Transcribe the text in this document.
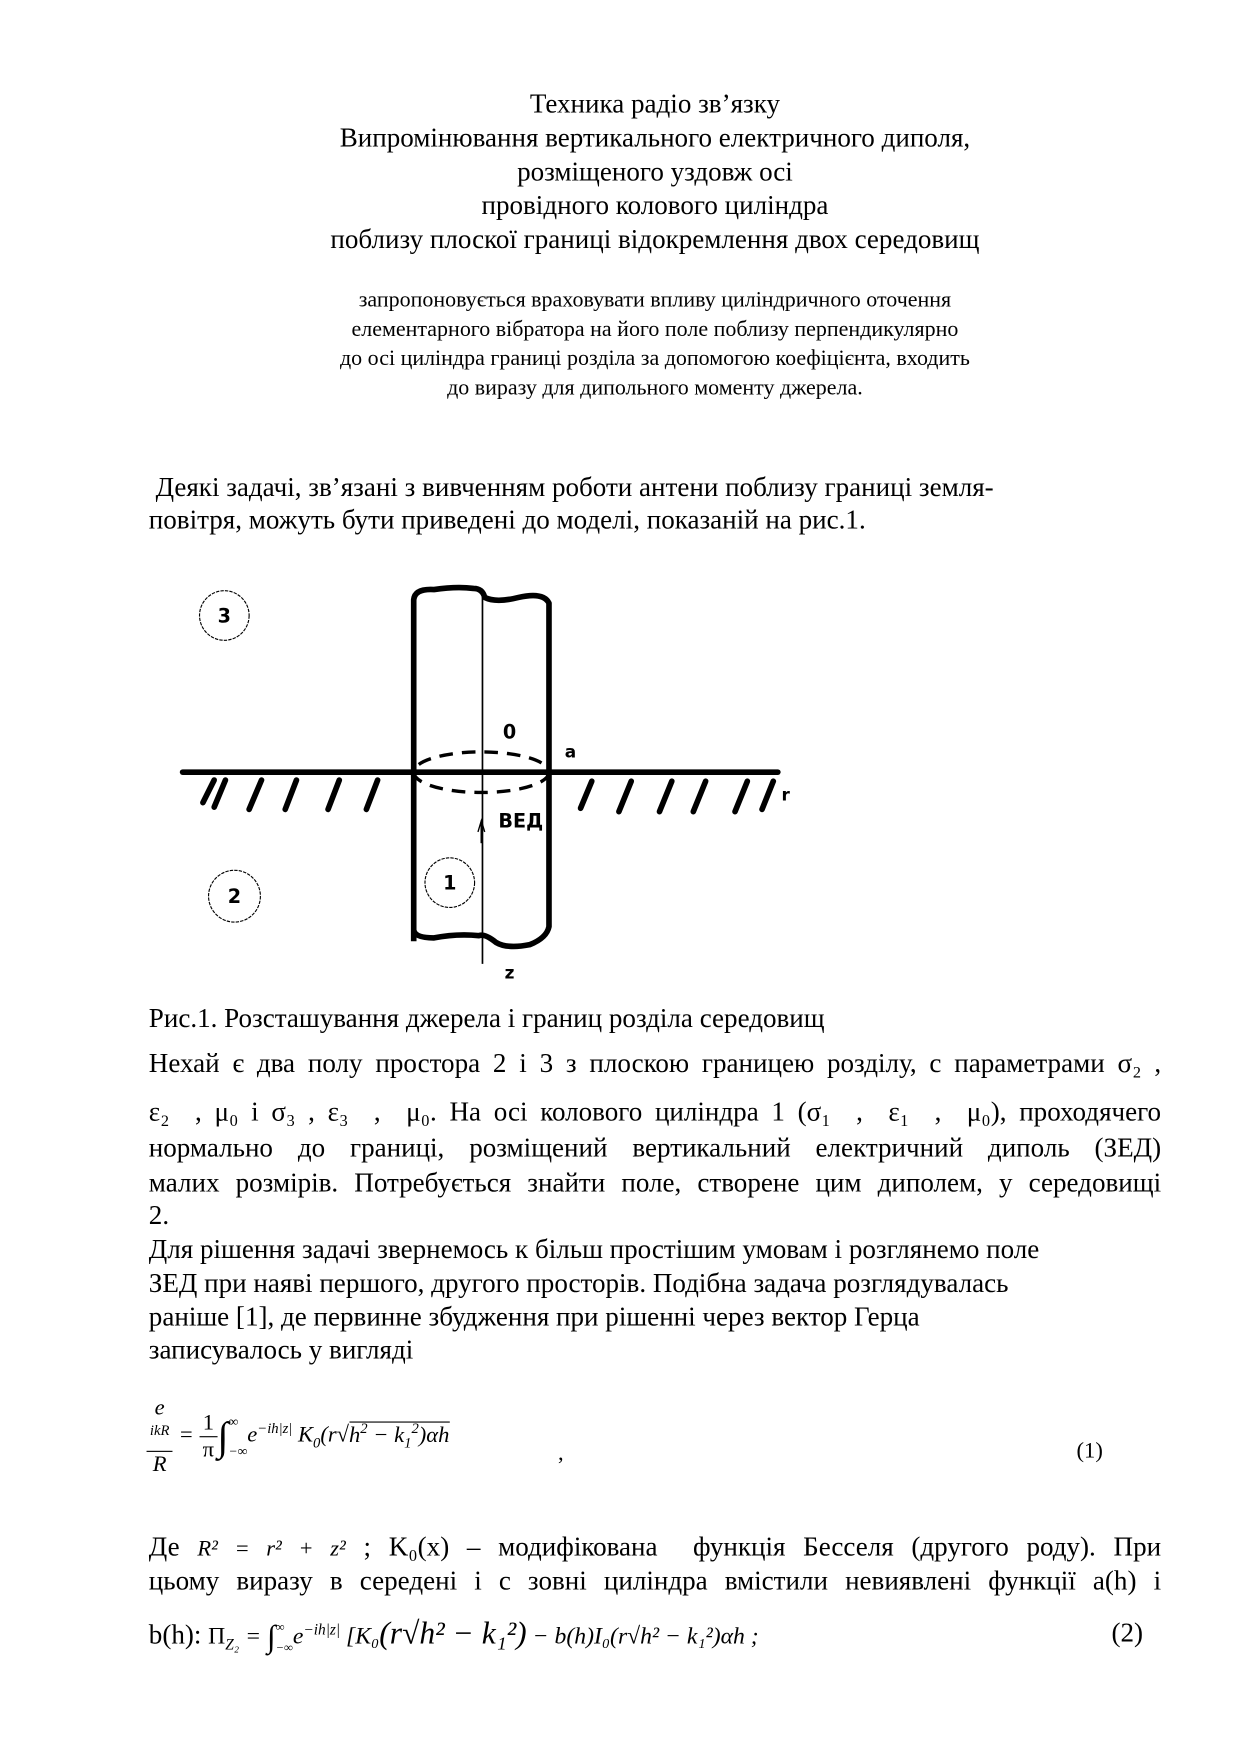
Техника радіо зв’язку
Випромінювання вертикального електричного диполя,
розміщеного уздовж осі
провідного колового циліндра
поблизу плоскої границі відокремлення двох середовищ
запропоновується враховувати впливу циліндричного оточення
елементарного вібратора на його поле поблизу перпендикулярно
до осі циліндра границі розділа за допомогою коефіцієнта, входить
до виразу для дипольного моменту джерела.
Деякі задачі, зв’язані з вивченням роботи антени поблизу границі земля-
повітря, можуть бути приведені до моделі, показаній на рис.1.
3
2
1
0
a
r
ВЕД
z
Рис.1. Розсташування джерела і границ розділа середовищ
Нехай є два полу простора 2 і 3 з плоскою границею розділу, с параметрами σ₂ ,
ε₂  , μ₀ і σ₃ , ε₃  ,  μ₀. На осі колового циліндра 1 (σ₁  ,  ε₁  ,  μ₀), проходячего
нормально до границі, розміщений вертикальний електричний диполь (ЗЕД)
малих розмірів. Потребується знайти поле, створене цим диполем, у середовищі
2.
Для рішення задачі звернемось к більш простішим умовам і розглянемо поле
ЗЕД при наяві першого, другого просторів. Подібна задача розглядувалась
раніше [1], де первинне збудження при рішенні через вектор Герца
записувалось у вигляді
e
$^{ikR}$
$R = \frac{1}{\pi}$ ∫ ∞
−∞
$e^{-ih|z|}$ $K_0(r√h^2 - k_1^2)\alpha h$
,	(1)
Де R² = r² + z² ; K₀(x) – модифікована  функція Бесселя (другого роду). При
цьому виразу в середені і с зовні циліндра вмістили невиявлені функції a(h) і
b(h): $\Pi_{Z_2}$ = ∫ ∞
−∞ $e^{-ih|z|}$ [K₀(r√h² − k₁²) − b(h)I₀(r√h² − k₁²)αh ;	(2)
